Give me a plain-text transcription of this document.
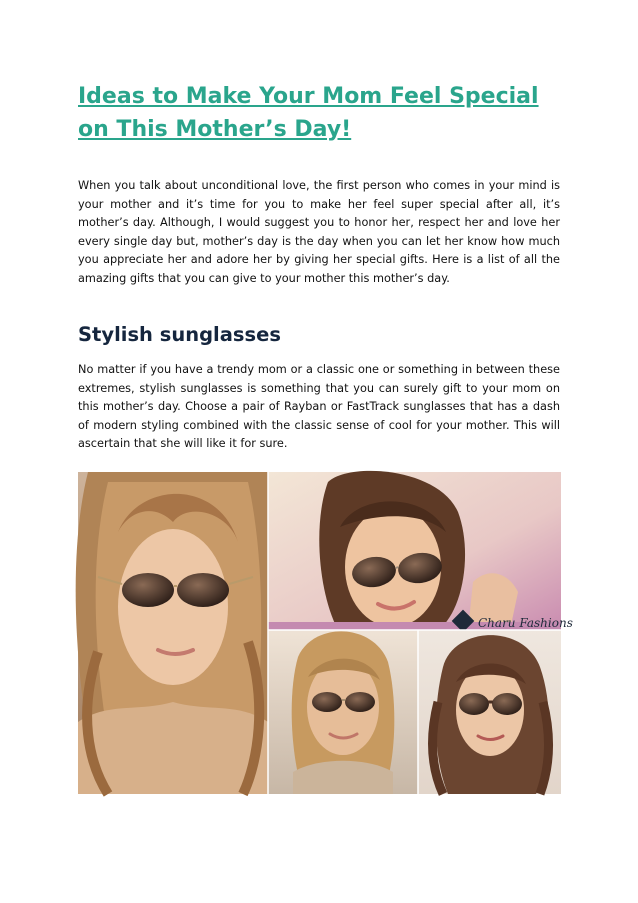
Ideas to Make Your Mom Feel Special
on This Mother’s Day!

When you talk about unconditional love, the first person who comes in your mind is your mother and it’s time for you to make her feel super special after all, it’s mother’s day. Although, I would suggest you to honor her, respect her and love her every single day but, mother’s day is the day when you can let her know how much you appreciate her and adore her by giving her special gifts. Here is a list of all the amazing gifts that you can give to your mother this mother’s day.

Stylish sunglasses

No matter if you have a trendy mom or a classic one or something in between these extremes, stylish sunglasses is something that you can surely gift to your mom on this mother’s day. Choose a pair of Rayban or FastTrack sunglasses that has a dash of modern styling combined with the classic sense of cool for your mother. This will ascertain that she will like it for sure.

Charu Fashions
